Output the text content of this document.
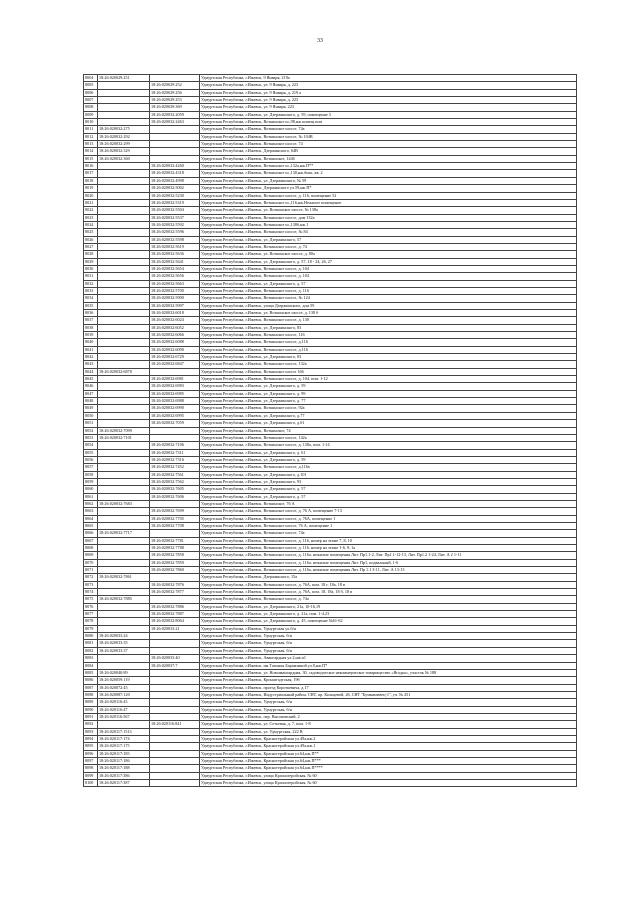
33
8004	18:26:020029:251		Удмуртская Республика, г.Ижевск, 9 Января, 219а
8005		18:26:020029:252	Удмуртская Республика, г.Ижевск, ул. 9 Января, д. 223
8006		18:26:020029:256	Удмуртская Республика, г.Ижевск, ул. 9 Января, д. 219 а
8007		18:26:020029:253	Удмуртская Республика, г.Ижевск, ул. 9 Января, д. 223
8008		18:26:020029:369	Удмуртская Республика, г.Ижевск, ул. 9 Января, 223
8009		18:26:020032:2059	Удмуртская Республика, г.Ижевск, ул. Дзержинского, д. 59, помещение 3
8010		18:26:020032:2463	Удмуртская Республика, г.Ижевск, Воткинское ш.,98,нж.помещ.пом
8011	18:26:020032:275		Удмуртская Республика, г.Ижевск, Воткинское шоссе, 74а
8012	18:26:020032:292		Удмуртская Республика, г.Ижевск, Воткинское шоссе, № 104В
8013	18:26:020032:299		Удмуртская Республика, г.Ижевск, Воткинское шоссе, 74
8014	18:26:020032:329		Удмуртская Республика, г.Ижевск, Дзержинского, 64В
8015	18:26:020032:360		Удмуртская Республика, г.Ижевск, Воткинское, 144б
8016		18:26:020032:4260	Удмуртская Республика, г.Ижевск, Воткинское ш.,132а,нж.П**
8017		18:26:020032:4318	Удмуртская Республика, г.Ижевск, Воткинское ш.,130,нж.быш, кв. 2
8018		18:26:020032:4998	Удмуртская Республика, г.Ижевск, ул. Дзержинского, № 59
8019		18:26:020032:5002	Удмуртская Республика, г.Ижевск, Дзержинского ул.59,нж.П*
8020		18:26:020032:5230	Удмуртская Республика, г.Ижевск, Воткинское шоссе, д. 116, помещение 52
8021		18:26:020032:5319	Удмуртская Республика, г.Ижевск, Воткинское ш.,116,нж.Нежилое помещение
8022		18:26:020032:5504	Удмуртская Республика, г.Ижевск, ул. Воткинское шоссе, № 138а
8023		18:26:020032:5537	Удмуртская Республика, г.Ижевск, Воткинское шоссе, дом 132а
8024		18:26:020032:5592	Удмуртская Республика, г.Ижевск, Воткинское ш.,138б,нж.1
8025		18:26:020032:5596	Удмуртская Республика, г.Ижевск, Воткинское шоссе, № 84
8026		18:26:020032:5598	Удмуртская Республика, г.Ижевск, ул. Дзержинского, 57
8027		18:26:020032:5619	Удмуртская Республика, г.Ижевск, Воткинское шоссе, д. 74
8028		18:26:020032:5636	Удмуртская Республика, г.Ижевск, ул. Воткинское шоссе, д. 80а
8029		18:26:020032:5641	Удмуртская Республика, г.Ижевск, ул. Дзержинского, д. 57, 18 - 24, 26, 27
8030		18:26:020032:5654	Удмуртская Республика, г.Ижевск, Воткинское шоссе, д. 104
8031		18:26:020032:5656	Удмуртская Республика, г.Ижевск, Воткинское шоссе, д. 104
8032		18:26:020032:5663	Удмуртская Республика, г.Ижевск, ул. Дзержинского, д. 57
8033		18:26:020032:5700	Удмуртская Республика, г.Ижевск, Воткинское шоссе, д. 116
8034		18:26:020032:5900	Удмуртская Республика, г.Ижевск, Воткинское шоссе, № 124
8035		18:26:020032:5997	Удмуртская Республика, г.Ижевск, улица Дзержинского, дом 59
8036		18:26:020032:6018	Удмуртская Республика, г.Ижевск, ул. Воткинское шоссе, д. 138 б
8037		18:26:020032:6024	Удмуртская Республика, г.Ижевск, Воткинское шоссе, д. 130
8038		18:26:020032:6052	Удмуртская Республика, г.Ижевск, ул. Дзержинского, 83
8039		18:26:020032:6066	Удмуртская Республика, г.Ижевск, Воткинское шоссе, 116
8040		18:26:020032:6088	Удмуртская Республика, г.Ижевск, Воткинское шоссе, д.116
8041		18:26:020032:6090	Удмуртская Республика, г.Ижевск, Воткинское шоссе, д.116
8042		18:26:020032:6729	Удмуртская Республика, г.Ижевск, ул. Дзержинского, 83
8043		18:26:020032:6847	Удмуртская Республика, г.Ижевск, Воткинское шоссе, 132а
8044	18:26:020032:6870		Удмуртская Республика, г.Ижевск, Воткинское шоссе 166
8045		18:26:020032:6981	Удмуртская Республика, г.Ижевск, Воткинское шоссе, д. 104, пом. 1-12
8046		18:26:020032:6983	Удмуртская Республика, г.Ижевск, ул. Дзержинского, д. 59
8047		18:26:020032:6985	Удмуртская Республика, г.Ижевск, ул. Дзержинского, д. 99
8048		18:26:020032:6988	Удмуртская Республика, г.Ижевск, ул. Дзержинского, д. 77
8049		18:26:020032:6990	Удмуртская Республика, г.Ижевск, Воткинское шоссе, 92а
8050		18:26:020032:6995	Удмуртская Республика, г.Ижевск, ул. Дзержинского, д.77
8051		18:26:020032:7059	Удмуртская Республика, г.Ижевск, ул. Дзержинского, д.61
8052	18:26:020032:7099		Удмуртская Республика, г.Ижевск, Воткинское, 74
8053	18:26:020032:7101		Удмуртская Республика, г.Ижевск, Воткинское шоссе, 142а
8054		18:26:020032:7106	Удмуртская Республика, г.Ижевск, Воткинское шоссе, д. 138а, пом. 1-14
8055		18:26:020032:7311	Удмуртская Республика, г.Ижевск, ул. Дзержинского, д. 61
8056		18:26:020032:7316	Удмуртская Республика, г.Ижевск, ул. Дзержинского, д. 59
8057		18:26:020032:7452	Удмуртская Республика, г.Ижевск, Воткинское шоссе, д.116а
8058		18:26:020032:7561	Удмуртская Республика, г.Ижевск, ул. Дзержинского, д.101
8059		18:26:020032:7562	Удмуртская Республика, г.Ижевск, ул. Дзержинского, 93
8060		18:26:020032:7605	Удмуртская Республика, г.Ижевск, ул. Дзержинского, д. 57
8061		18:26:020032:7606	Удмуртская Республика, г.Ижевск, ул. Дзержинского, д. 57
8062	18:26:020032:7683		Удмуртская Республика, г.Ижевск, Воткинское, 76 А
8063		18:26:020032:7699	Удмуртская Республика, г.Ижевск, Воткинское шоссе, д. 76 А, помещение 7-13
8064		18:26:020032:7705	Удмуртская Республика, г.Ижевск, Воткинское шоссе, д. 76А, помещение 1
8065		18:26:020032:7708	Удмуртская Республика, г.Ижевск, Воткинское шоссе, 76 А, помещение 1
8066	18:26:020032:7717		Удмуртская Республика, г.Ижевск, Воткинское шоссе, 74а
8067		18:26:020032:7781	Удмуртская Республика, г.Ижевск, Воткинское шоссе, д. 116, номер на этаже 7, 8, 10
8068		18:26:020032:7788	Удмуртская Республика, г.Ижевск, Воткинское шоссе, д. 116, номер на этаже 1-6, 9, 1а
8069		18:26:020032:7858	Удмуртская Республика, г.Ижевск, Воткинское шоссе, д. 116а, нежилые помещения Лит. Пр1.1-2, Лит. Пр1.1-12-13, Лит. Пр1.2 1-24, Лит. А 2 1-11
8070		18:26:020032:7859	Удмуртская Республика, г.Ижевск, Воткинское шоссе, д. 116а, нежилые помещения Лит. Пр1, подвальный, 1-6
8071		18:26:020032:7860	Удмуртская Республика, г.Ижевск, Воткинское шоссе, д. 116а, нежилые помещения Лит. Пр 1.1 3-11, Лит. А 13-13
8072	18:26:020032:7861		Удмуртская Республика, г.Ижевск, Дзержинского, 15а
8073		18:26:020032:7876	Удмуртская Республика, г.Ижевск, Воткинское шоссе, д. 76А, пом. 18 г, 18а, 18 в
8074		18:26:020032:7877	Удмуртская Республика, г.Ижевск, Воткинское шоссе, д. 76А, пом. 18, 18а, 18 б, 18 в
8075	18:26:020032:7885		Удмуртская Республика, г.Ижевск, Воткинское шоссе, д. 74а
8076		18:26:020032:7886	Удмуртская Республика, г.Ижевск, ул. Дзержинского, 21а, 10-16,19
8077		18:26:020032:7887	Удмуртская Республика, г.Ижевск, ул. Дзержинского, д. 21а, пом. 1-4,23
8078		18:26:020032:8064	Удмуртская Республика, г.Ижевск, ул. Дзержинского, д. 45, помещение №61-62
8079		18:26:020033:21	Удмуртская Республика, г.Ижевск, Удмуртская ул.б/н
8080	18:26:020033:24		Удмуртская Республика, г.Ижевск, Удмуртская, б/н
8081	18:26:020033:35		Удмуртская Республика, г.Ижевск, Удмуртская, б/н
8082	18:26:020033:37		Удмуртская Республика, г.Ижевск, Удмуртская, б/н
8083		18:26:020033:40	Удмуртская Республика, г.Ижевск, Авангардная ул.2,нж.п1
8084		18:26:020037:7	Удмуртская Республика, г.Ижевск, им.Татьяны Барамзиной ул.9,нж.П*
8085	18:26:020040:89		Удмуртская Республика, г.Ижевск, ул. Новоавангардная, 30, садоводческое некоммерческое товарищество «Ягодка», участок № 188
8086	18:26:020059:119		Удмуртская Республика, г.Ижевск, Кронштадтская, 19б
8087	18:26:020072:45		Удмуртская Республика, г.Ижевск, проезд Короткевича, д.17
8088	18:26:020087:120		Удмуртская Республика, г.Ижевск, Индустриальный район, СНТ, пр. Кольцевой, 26, СНТ "Буммашевец-1", уч. № 251
8089	18:26:020116:43		Удмуртская Республика, г.Ижевск, Удмуртская, б/н
8090	18:26:020116:47		Удмуртская Республика, г.Ижевск, Удмуртская, б/н
8091	18:26:020116:567		Удмуртская Республика, г.Ижевск, пер. Высоковский, 2
8092		18:26:020116:841	Удмуртская Республика, г.Ижевск, ул. Сетьевая, д. 7, пом. 1-8
8093	18:26:020117:1513		Удмуртская Республика, г.Ижевск, ул. Удмуртская, 222 В
8094	18:26:020117:174		Удмуртская Республика, г.Ижевск, Красногеройская ул.49а,нж.2
8095	18:26:020117:175		Удмуртская Республика, г.Ижевск, Красногеройская ул.49а,нж.1
8096	18:26:020117:185		Удмуртская Республика, г.Ижевск, Красногеройская ул.64,нж.П**
8097	18:26:020117:186		Удмуртская Республика, г.Ижевск, Красногеройская ул.64,нж.П***
8098	18:26:020117:188		Удмуртская Республика, г.Ижевск, Красногеройская ул.64,нж.П****
8099	18:26:020117:386		Удмуртская Республика, г.Ижевск, улица Красногеройская, № 60
8100	18:26:020117:387		Удмуртская Республика, г.Ижевск, улица Красногеройская, № 60
